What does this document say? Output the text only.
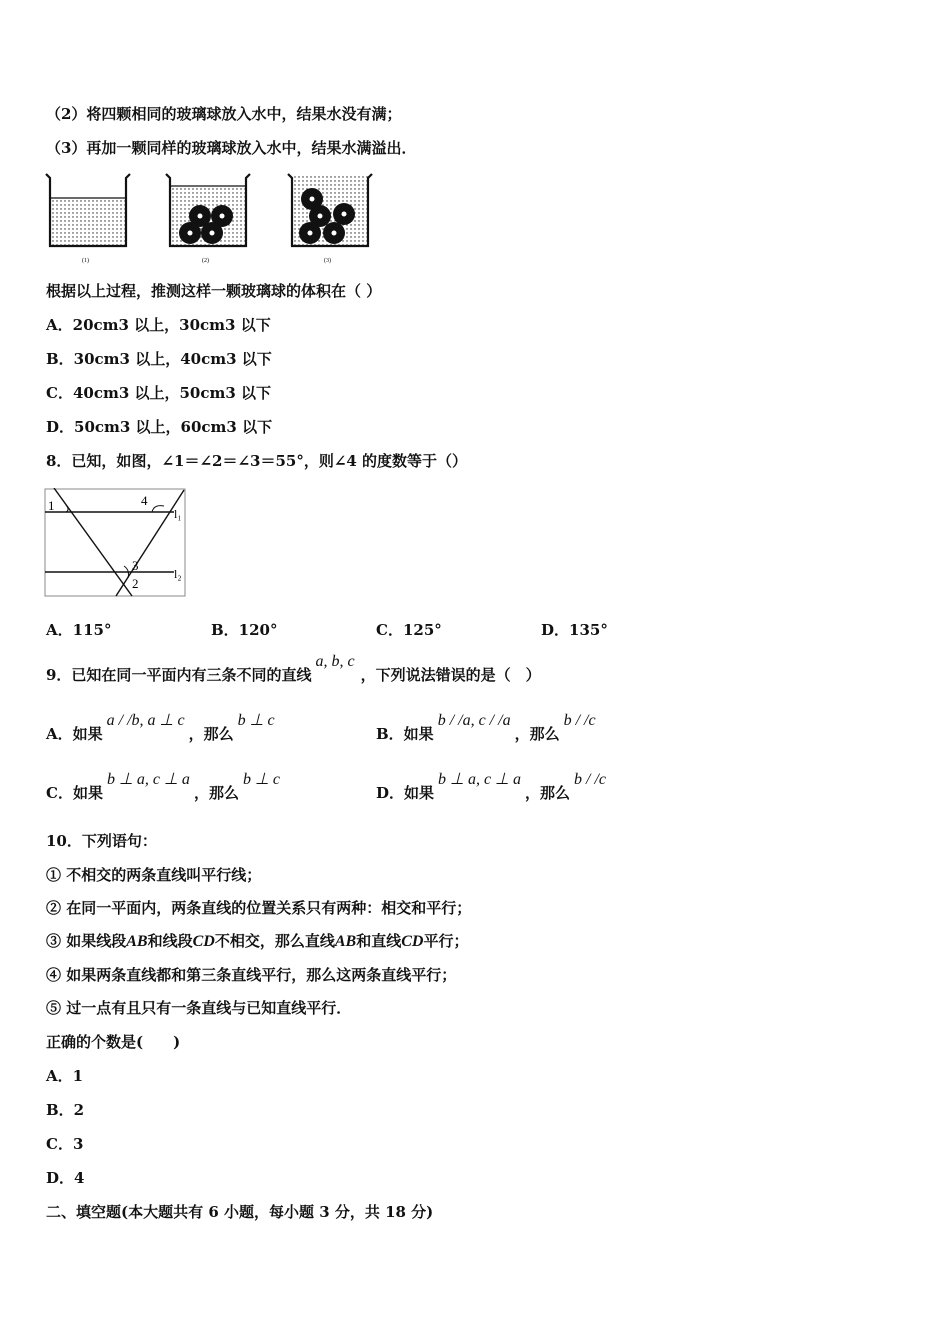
（2）将四颗相同的玻璃球放入水中，结果水没有满；
（3）再加一颗同样的玻璃球放入水中，结果水满溢出．
(1)	(2)	(3)
根据以上过程，推测这样一颗玻璃球的体积在（ ）
A．20cm3 以上，30cm3 以下
B．30cm3 以上，40cm3 以下
C．40cm3 以上，50cm3 以下
D．50cm3 以上，60cm3 以下
8．已知，如图，∠1＝∠2＝∠3＝55°，则∠4 的度数等于（）
1	4
3
2
l₁
l₂
A．115°	B．120°	C．125°	D．135°
9．已知在同一平面内有三条不同的直线a, b, c，下列说法错误的是（　）
A．如果a / /b, a ⊥ c，那么b ⊥ c
B．如果b / /a, c / /a，那么b / /c
C．如果b ⊥ a, c ⊥ a，那么b ⊥ c
D．如果b ⊥ a, c ⊥ a，那么b / /c
10．下列语句：
① 不相交的两条直线叫平行线；
② 在同一平面内，两条直线的位置关系只有两种：相交和平行；
③ 如果线段AB和线段CD不相交，那么直线AB和直线CD平行；
④ 如果两条直线都和第三条直线平行，那么这两条直线平行；
⑤ 过一点有且只有一条直线与已知直线平行．
正确的个数是(　　)
A．1
B．2
C．3
D．4
二、填空题(本大题共有 6 小题，每小题 3 分，共 18 分)
